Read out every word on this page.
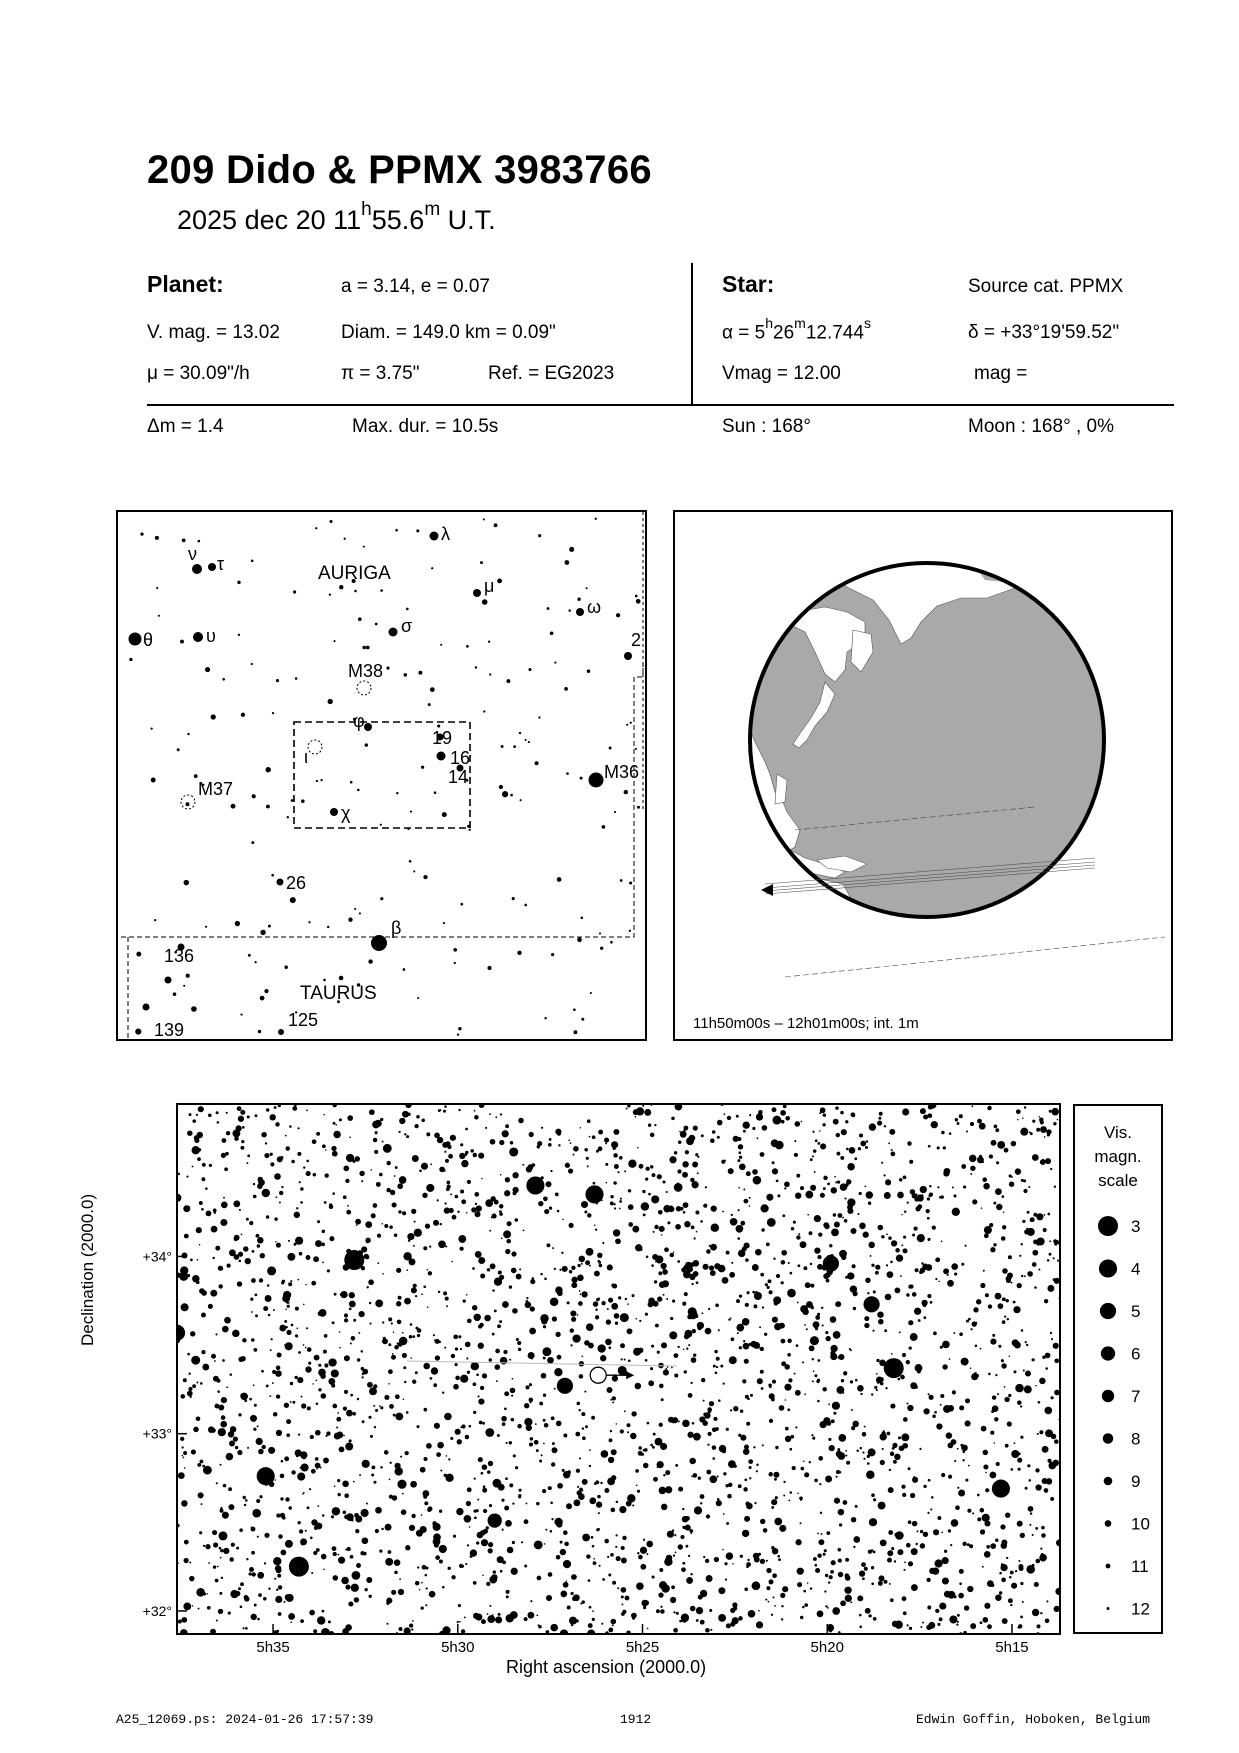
209 Dido & PPMX 3983766
2025 dec 20 11$^h$55.6$^m$ U.T.
Planet:	a = 3.14, e = 0.07
V. mag. = 13.02	Diam. = 149.0 km = 0.09"
μ = 30.09"/h	π = 3.75"	Ref. = EG2023
Star:	Source cat. PPMX
$\alpha = 5^h26^m12.744^s$	δ = +33°19'59.52"
Vmag = 12.00	mag =
Δm = 1.4	Max. dur. = 10.5s	Sun : 168°	Moon : 168° , 0%
AURIGA
TAURUS
ν τ
λ
μ
ω
θ	υ	σ
2
M38
φ
19
16
14	M36
ι
M37
χ
26
β
136
139	125	11h50m00s – 12h01m00s; int. 1m
Declination (2000.0)
Right ascension (2000.0)
+34°
+33°
+32°
5h35	5h30	5h25	5h20	5h15
Vis.
magn.
scale
3
4
5
6
7
8
9
10
11
12
A25_12069.ps: 2024-01-26 17:57:39	1912	Edwin Goffin, Hoboken, Belgium
